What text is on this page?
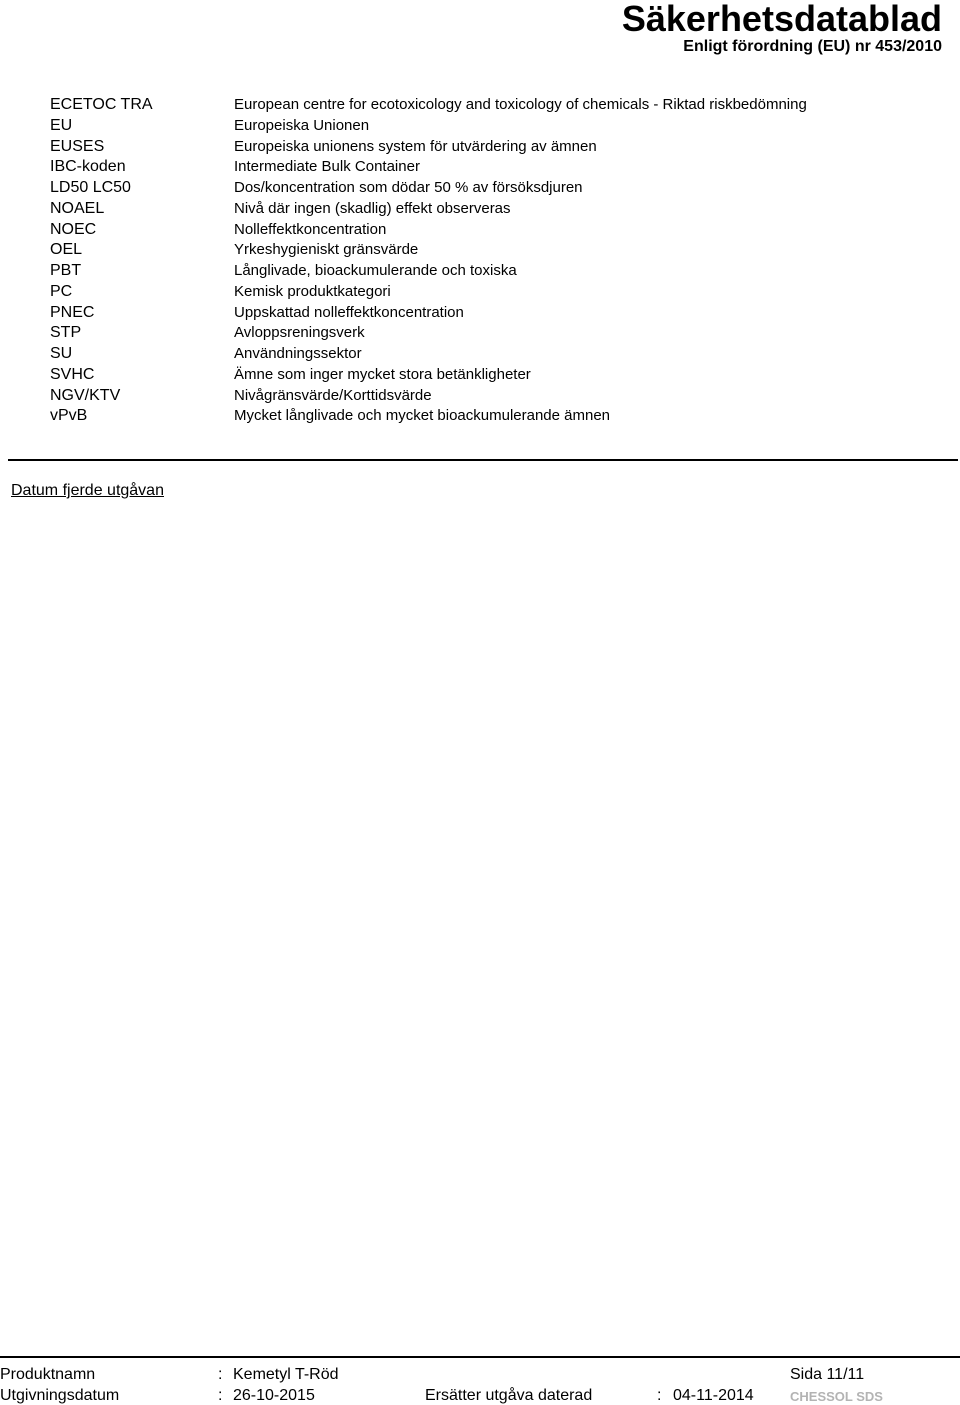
Säkerhetsdatablad
Enligt förordning (EU) nr 453/2010
ECETOC TRA	European centre for ecotoxicology and toxicology of chemicals - Riktad riskbedömning
EU	Europeiska Unionen
EUSES	Europeiska unionens system för utvärdering av ämnen
IBC-koden	Intermediate Bulk Container
LD50 LC50	Dos/koncentration som dödar 50 % av försöksdjuren
NOAEL	Nivå där ingen (skadlig) effekt observeras
NOEC	Nolleffektkoncentration
OEL	Yrkeshygieniskt gränsvärde
PBT	Långlivade, bioackumulerande och toxiska
PC	Kemisk produktkategori
PNEC	Uppskattad nolleffektkoncentration
STP	Avloppsreningsverk
SU	Användningssektor
SVHC	Ämne som inger mycket stora betänkligheter
NGV/KTV	Nivågränsvärde/Korttidsvärde
vPvB	Mycket långlivade och mycket bioackumulerande ämnen
Datum fjerde utgåvan
Produktnamn	: Kemetyl T-Röd	Sida 11/11
Utgivningsdatum	: 26-10-2015	Ersätter utgåva daterad	: 04-11-2014	CHESSOL SDS
